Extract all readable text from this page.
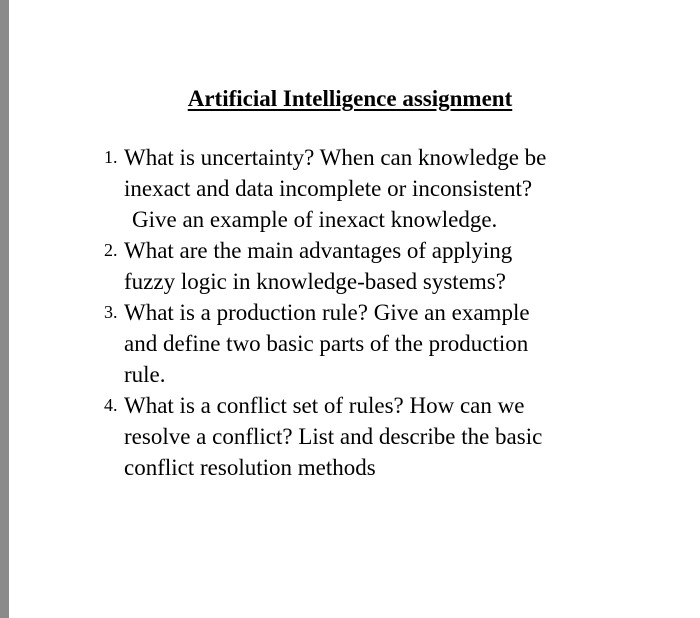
Artificial Intelligence assignment
1. What is uncertainty? When can knowledge be
inexact and data incomplete or inconsistent?
Give an example of inexact knowledge.
2. What are the main advantages of applying
fuzzy logic in knowledge-based systems?
3. What is a production rule? Give an example
and define two basic parts of the production
rule.
4. What is a conflict set of rules? How can we
resolve a conflict? List and describe the basic
conflict resolution methods
